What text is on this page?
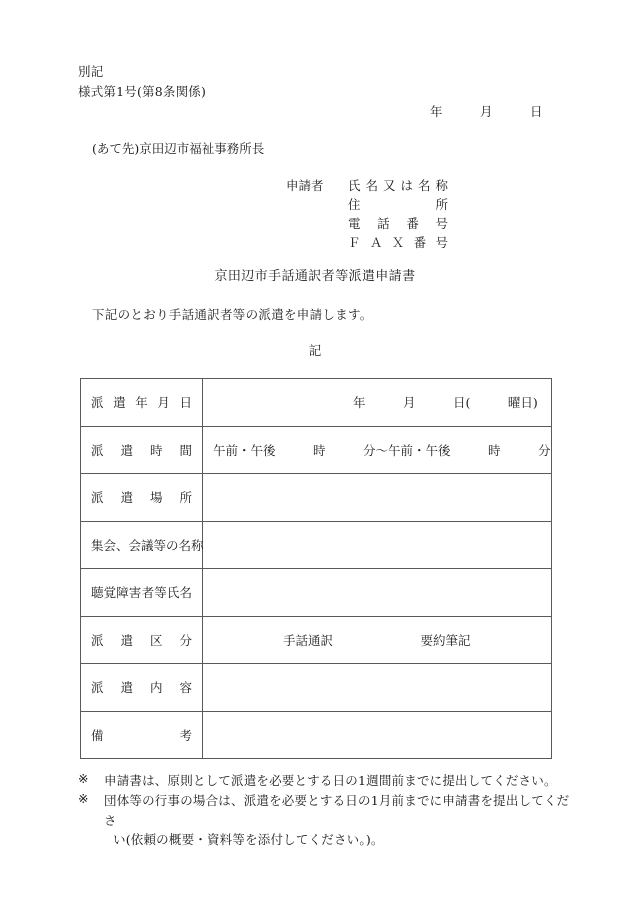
別記
様式第1号(第8条関係)
年　　　月　　　日
(あて先)京田辺市福祉事務所長
申請者	氏名又は名称
住所
電話番号
ＦＡＸ番号
京田辺市手話通訳者等派遣申請書
下記のとおり手話通訳者等の派遣を申請します。
記
派遣年月日	年　　　月　　　日(　　　曜日)

派遣時間	午前・午後　　　時　　　分〜午前・午後　　　時　　　分

派遣場所	

集会、会議等の名称	

聴覚障害者等氏名	

派遣区分	手話通訳　　　　　　　要約筆記

派遣内容	

備考	

※	申請書は、原則として派遣を必要とする日の1週間前までに提出してください。
※	団体等の行事の場合は、派遣を必要とする日の1月前までに申請書を提出してくださ
い(依頼の概要・資料等を添付してください。)。
